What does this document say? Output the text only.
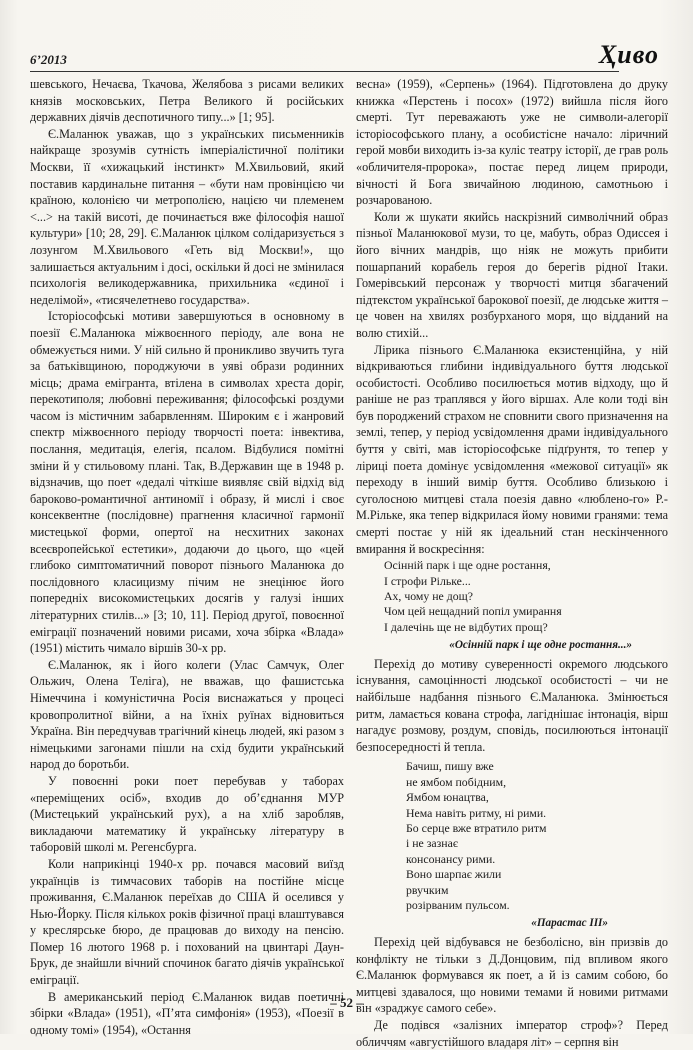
6’2013	Ҳиво

шевського, Нечаєва, Ткачова, Желябова з рисами великих князів московських, Петра Великого й російських державних діячів деспотичного типу...» [1; 95].

Є.Маланюк уважав, що з українських письменників найкраще зрозумів сутність імперіалістичної політики Москви, її «хижацький інстинкт» М.Хвильовий, який поставив кардинальне питання – «бути нам провінцією чи країною, колонією чи метрополією, нацією чи племенем <...> на такій висоті, де починається вже філософія нашої культури» [10; 28, 29]. Є.Маланюк цілком солідаризується з лозунгом М.Хвильового «Геть від Москви!», що залишається актуальним і досі, оскільки й досі не змінилася психологія великодержавника, прихильника «єдиної і неделімой», «тисячелетнево государства».

Історіософські мотиви завершуються в основному в поезії Є.Маланюка міжвоєнного періоду, але вона не обмежується ними. У ній сильно й проникливо звучить туга за батьківщиною, породжуючи в уяві образи родинних місць; драма емігранта, втілена в символах хреста доріг, перекотиполя; любовні переживання; філософські роздуми часом із містичним забарвленням. Широким є і жанровий спектр міжвоєнного періоду творчості поета: інвектива, послання, медитація, елегія, псалом. Відбулися помітні зміни й у стильовому плані. Так, В.Державин ще в 1948 р. відзначив, що поет «дедалі чіткіше виявляє свій відхід від бароково-романтичної антиномії і образу, й мислі і своє консеквентне (послідовне) прагнення класичної гармонії мистецької форми, опертої на несхитних законах всеєвропейської естетики», додаючи до цього, що «цей глибоко симптоматичний поворот пізнього Маланюка до послідовного класицизму пічим не знецінює його попередніх високомистецьких досягів у галузі інших літературних стилів...» [3; 10, 11]. Період другої, повоєнної еміграції позначений новими рисами, хоча збірка «Влада» (1951) містить чимало віршів 30-х рр.

Є.Маланюк, як і його колеги (Улас Самчук, Олег Ольжич, Олена Теліга), не вважав, що фашистська Німеччина і комуністична Росія виснажаться у процесі кровопролитної війни, а на їхніх руїнах відновиться Україна. Він передчував трагічний кінець людей, які разом з німецькими загонами пішли на схід будити український народ до боротьби.

У повоєнні роки поет перебував у таборах «переміщених осіб», входив до об’єднання МУР (Мистецький український рух), а на хліб заробляв, викладаючи математику й українську літературу в таборовій школі м. Регенсбурга.

Коли наприкінці 1940-х рр. почався масовий виїзд українців із тимчасових таборів на постійне місце проживання, Є.Маланюк переїхав до США й оселився у Нью-Йорку. Після кількох років фізичної праці влаштувався у креслярське бюро, де працював до виходу на пенсію. Помер 16 лютого 1968 р. і похований на цвинтарі Даун-Брук, де знайшли вічний спочинок багато діячів української еміграції.

В американський період Є.Маланюк видав поетичні збірки «Влада» (1951), «П’ята симфонія» (1953), «Поезії в одному томі» (1954), «Остання

весна» (1959), «Серпень» (1964). Підготовлена до друку книжка «Перстень і посох» (1972) вийшла після його смерті. Тут переважають уже не символи-алегорії історіософського плану, а особистісне начало: ліричний герой мовби виходить із-за куліс театру історії, де грав роль «обличителя-пророка», постає перед лицем природи, вічності й Бога звичайною людиною, самотньою і розчарованою.

Коли ж шукати якийсь наскрізний символічний образ пізньої Маланюкової музи, то це, мабуть, образ Одиссея і його вічних мандрів, що ніяк не можуть прибити пошарпаний корабель героя до берегів рідної Ітаки. Гомерівський персонаж у творчості митця збагачений підтекстом української барокової поезії, де людське життя – це човен на хвилях розбурханого моря, що відданий на волю стихій...

Лірика пізнього Є.Маланюка екзистенційна, у ній відкриваються глибини індивідуального буття людської особистості. Особливо посилюється мотив відходу, що й раніше не раз траплявся у його віршах. Але коли тоді він був породжений страхом не сповнити свого призначення на землі, тепер, у період усвідомлення драми індивідуального буття у світі, мав історіософське підґрунтя, то тепер у ліриці поета домінує усвідомлення «межової ситуації» як переходу в інший вимір буття. Особливо близькою і суголосною митцеві стала поезія давно «люблено-го» Р.-М.Рільке, яка тепер відкрилася йому новими гранями: тема смерті постає у ній як ідеальний стан нескінченного вмирання й воскресіння:

Осінній парк і ще одне ростання,
І строфи Рільке...
Ах, чому не дощ?
Чом цей нещадний попіл умирання
І далечінь ще не відбутих прощ?
«Осінній парк і ще одне ростання...»

Перехід до мотиву суверенності окремого людського існування, самоцінності людської особистості – чи не найбільше надбання пізнього Є.Маланюка. Змінюється ритм, ламається кована строфа, лагіднішає інтонація, вірш нагадує розмову, роздум, сповідь, посилюються інтонації безпосередності й тепла.

Бачиш, пишу вже
не ямбом побідним,
Ямбом юнацтва,
Нема навіть ритму, ні рими.
Бо серце вже втратило ритм
і не зазнає
консонансу рими.
Воно шарпає жили
рвучким
розірваним пульсом.
«Парастас ІІІ»

Перехід цей відбувався не безболісно, він призвів до конфлікту не тільки з Д.Донцовим, під впливом якого Є.Маланюк формувався як поет, а й із самим собою, бо митцеві здавалося, що новими темами й новими ритмами він «зраджує самого себе».

Де подівся «залізних імператор строф»? Перед обличчям «августійшого владаря літ» – серпня він

– 52 –
